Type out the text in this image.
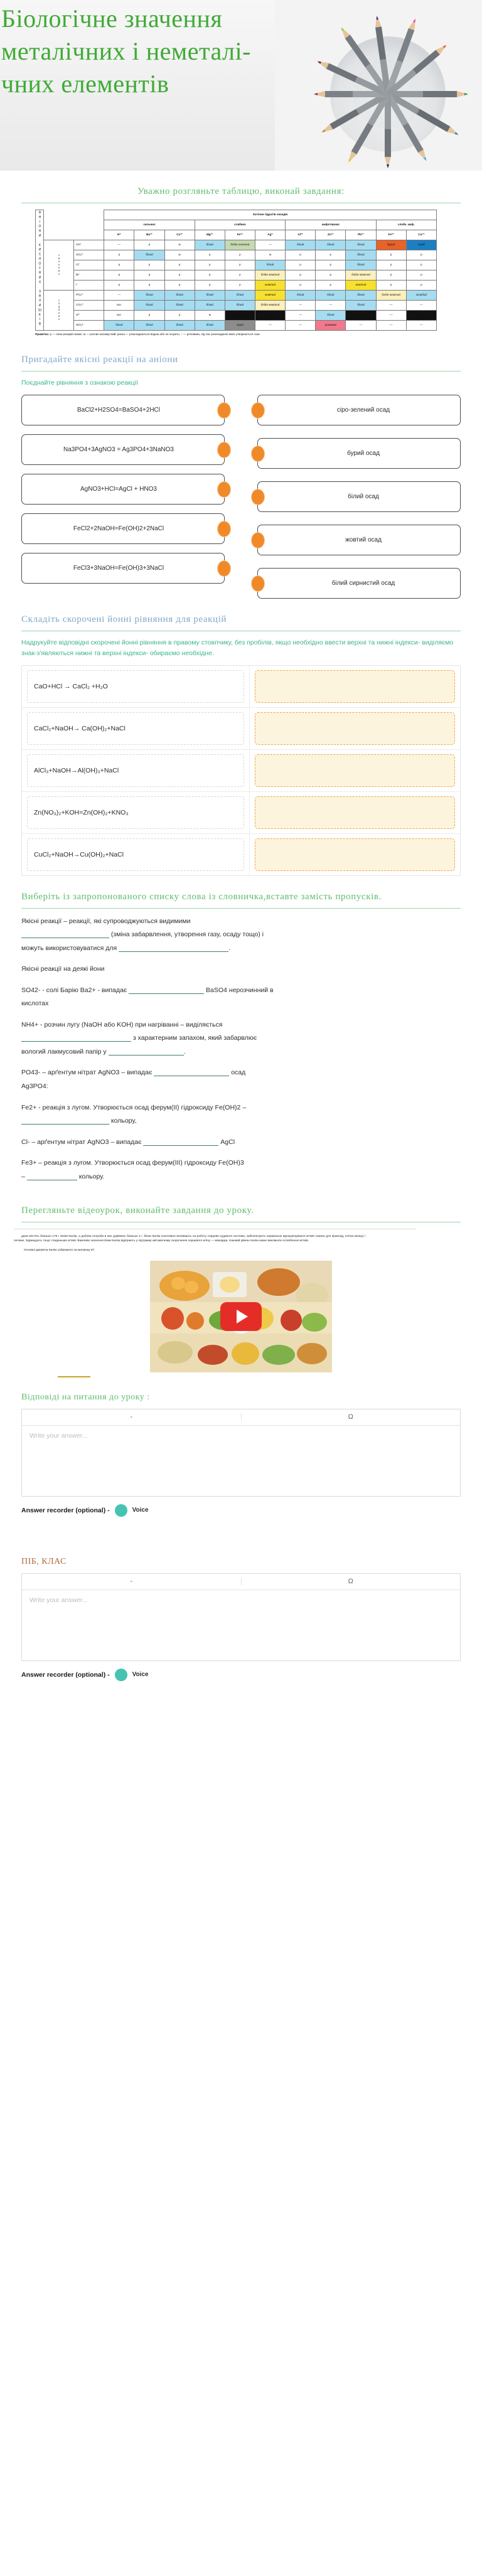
Біологічне значення металічних і неметалі-чних елементів
Уважно розгляньте таблицю, виконай завдання:
АНІОНИ КИСЛОТНИХ ЗАЛИШКІВ			Катіони гідратів оксидів										
			сильних			слабких			амфотерних			слабк. амф.	
			Н⁺	Ba²⁺	Ca²⁺	Mg²⁺	Fe²⁺	Ag⁺	Al³⁺	Zn²⁺	Pb²⁺	Fe³⁺	Cu²⁺
	сильних	ОН⁻	—	р	м	білий	блідо-зелений	—	білий	білий	білий	бурий	синій
		SO₄²⁻	р	білий	м	р	р	м	р	р	білий	р	р
		Cl⁻	р	р	р	р	р	білий	р	р	білий	р	р
		Br⁻	р	р	р	р	р	блідо-жовтий	р	р	блідо-жовтий	р	р
		I⁻	р	р	р	р	р	жовтий	р	р	жовтий	р	р
	слабких	PO₄³⁻	—	білий	білий	білий	білий	жовтий	білий	білий	білий	блідо-жовтий	голубий
		CO₃²⁻	газ↑	білий	білий	білий	білий	блідо-жовтий	—	—	білий	—	—
		S²⁻	газ↑	р	р	м	чорний	чорний	—	білий	чорний	—	чорний
		SiO₃²⁻	білий	білий	білий	білий	сірий	—	—	рожевий	—	—	—
Примітка: р — опак реакцій немає; м — розчин каламутний; риска — розкладаються водою або не існують; ↑ — речовини, під час розкладання яких утворюються гази.
Пригадайте якісні реакції на аніони
Поєднайте рівняння з ознакою реакції
BaCl2+H2SO4=BaSO4+2HCl
Na3PO4+3AgNO3 = Ag3PO4+3NaNO3
AgNO3+HCl=AgCl + HNO3
FeCl2+2NaOH=Fe(OH)2+2NaCl
FeCl3+3NaOH=Fe(OH)3+3NaCl
сіро-зелений осад
бурий осад
білий осад
жовтий осад
білий сирнистий осад
Складіть скорочені йонні рівняння для реакцій
Надрукуйте відповідні скорочені йонні рівняння в правому стовпчику, без пробілів, якщо необхідно ввести верхні та нижні індекси- виділяємо знак-з'являються нижні та верхні індекси- обираємо необхідне.
CaO+HCl → CaCl₂ +H₂O
CaCl₂+NaOH→ Ca(OH)₂+NaCl
AlCl₃+NaOH→Al(OH)₃+NaCl
Zn(NO₃)₂+KOH=Zn(OH)₂+KNO₃
CuCl₂+NaOH→Cu(OH)₂+NaCl
Виберіть із запропонованого списку слова із словничка,вставте замість пропусків.

Якісні реакції – реакції, які супроводжуються видимими
(зміна забарвлення, утворення газу, осаду тощо) і
можуть використовуватися для	.

Якісні реакції на деякі йони

SO42- - солі Барію Ba2+ - випадає	BaSO4 нерозчинний в
кислотах

NH4+ - розчин лугу (NaOH або KOH) при нагріванні – виділяється
з характерним запахом, який забарвлює
вологий лакмусовий папір у	.

PO43- – арґентум нітрат AgNO3 – випадає	осад
Ag3PO4:

Fe2+ - реакція з лугом. Утворюється осад ферум(II) гідроксиду Fe(OH)2 –
кольору,

Cl- – арґентум нітрат AgNO3 – випадає	AgCl

Fe3+ – реакція з лугом. Утворюється осад ферум(III) гідроксиду Fe(OH)3
–	кольору.

Перегляньте відеоурок, виконайте завдання до уроку.
дани містять близько 175 г йонів Калію, а добова потреба в них дорівнює близько 4 г. Йони Калію кооптивно впливають на роботу серцево-судинної системи, забезпечують нормальне функціонування м'язів тканин для приклад, клітин мозку) і печінки, підвищують тонус гладеньких м'язів. Важливе значення йони Калію відіграють у підтримці автоматизму скорочення серцевого м'язу — міокарда. Нашкий рівень Калію може викликати ослаблення м'язів.
Основні джерела Калію зображено на малюнку 87.
Відповіді на питання до уроку :
-	Ω
Write your answer...
Answer recorder (optional) -	Voice
ПІБ, КЛАС
-	Ω
Write your answer...
Answer recorder (optional) -	Voice
